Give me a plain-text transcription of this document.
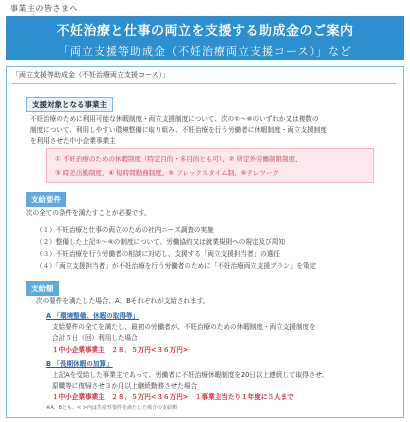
事業主の皆さまへ
不妊治療と仕事の両立を支援する助成金のご案内
「両立支援等助成金（不妊治療両立支援コース）」など
「両立支援等助成金（不妊治療両立支援コース）」
支援対象となる事業主
不妊治療のために利用可能な休暇制度・両立支援制度について、次の①～⑥のいずれか又は複数の
制度について、利用しやすい環境整備に取り組み、不妊治療を行う労働者に休暇制度・両立支援制度
を利用させた中小企業事業主
① 不妊治療のための休暇制度（特定目的・多目的とも可）、② 所定外労働制限制度、
③ 時差出勤制度、④ 短時間勤務制度、⑤ フレックスタイム制、⑥テレワーク
支給要件
次の全ての条件を満たすことが必要です。
（１）不妊治療と仕事の両立のための社内ニーズ調査の実施
（２）整備した上記①～⑥の制度について、労働協約又は就業規則への規定及び周知
（３）不妊治療を行う労働者の相談に対応し、支援する「両立支援担当者」の選任
（４）「両立支援担当者」が不妊治療を行う労働者のために「不妊治療両立支援プラン」を策定
支給額
次の要件を満たした場合、A、Bそれぞれが支給されます。
A 「環境整備、休暇の取得等」
支給要件の全てを満たし、最初の労働者が、不妊治療のための休暇制度・両立支援制度を
合計５日（回）利用した場合
１中小企業事業主　２８．５万円<３６万円>
B 「長期休暇の加算」
上記Aを受給した事業主であって、労働者に不妊治療休暇制度を20日以上連続して取得させ、
原職等に復帰させ３か月以上継続勤務させた場合
１中小企業事業主　２８．５万円<３６万円>　１事業主当たり１年度に５人まで
※A、Bとも、< >内は生産性要件を満たした場合の支給額
